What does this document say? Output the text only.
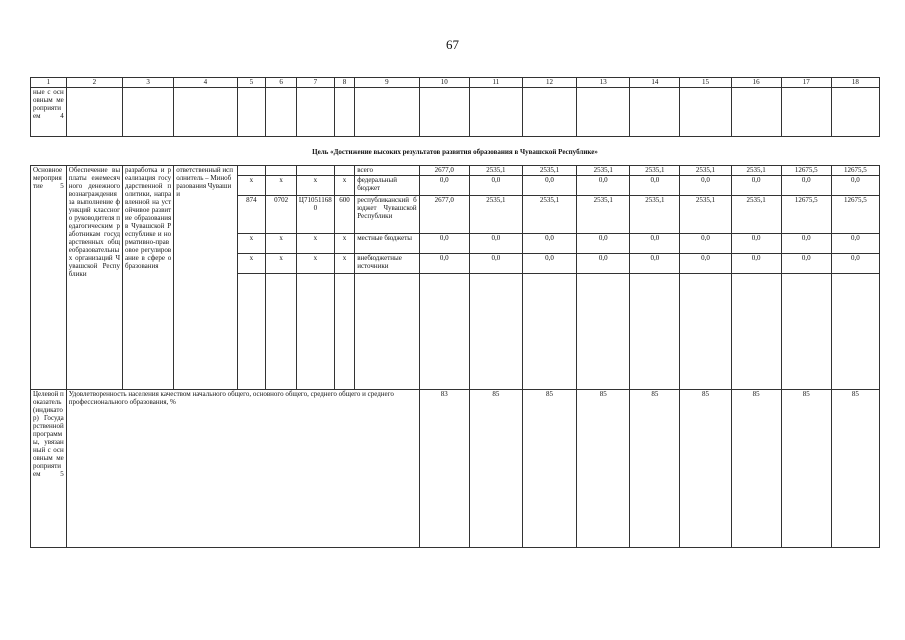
67
1	2	3	4	5	6	7	8	9	10	11	12	13	14	15	16	17	18
ные с основным мероприятием 4																	
Цель «Достижение высоких результатов развития образования в Чувашской Республике»																	
Основное мероприятие 5	Обеспечение выплаты ежемесячного денежного вознаграждения за выполнение функций классного руководителя педагогическим работникам государственных общеобразовательных организаций Чувашской Республики	разработка и реализация государственной политики, направленной на устойчивое развитие образования в Чувашской Республике и нормативно-правовое регулирование в сфере образования	ответственный исполнитель – Минобразования Чувашии					всего	2677,0	2535,1	2535,1	2535,1	2535,1	2535,1	2535,1	12675,5	12675,5
				x	x	x	x	федеральный бюджет	0,0	0,0	0,0	0,0	0,0	0,0	0,0	0,0	0,0
				874	0702	Ц710511680	600	республиканский бюджет Чувашской Республики	2677,0	2535,1	2535,1	2535,1	2535,1	2535,1	2535,1	12675,5	12675,5
				x	x	x	x	местные бюджеты	0,0	0,0	0,0	0,0	0,0	0,0	0,0	0,0	0,0
				x	x	x	x	внебюджетные источники	0,0	0,0	0,0	0,0	0,0	0,0	0,0	0,0	0,0

Целевой показатель (индикатор) Государственной программы, увязанный с основным мероприятием 5	Удовлетворенность населения качеством начального общего, основного общего, среднего общего и среднего профессионального образования, %								83	85	85	85	85	85	85	85	85
